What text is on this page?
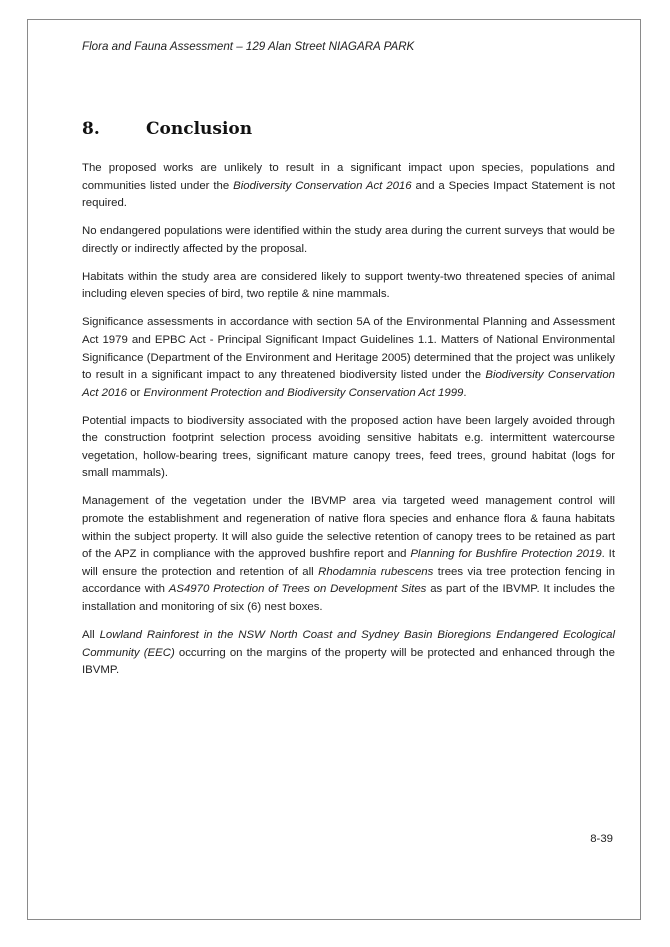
Flora and Fauna Assessment – 129 Alan Street NIAGARA PARK
8.	Conclusion

The proposed works are unlikely to result in a significant impact upon species, populations and communities listed under the Biodiversity Conservation Act 2016 and a Species Impact Statement is not required.

No endangered populations were identified within the study area during the current surveys that would be directly or indirectly affected by the proposal.

Habitats within the study area are considered likely to support twenty-two threatened species of animal including eleven species of bird, two reptile & nine mammals.

Significance assessments in accordance with section 5A of the Environmental Planning and Assessment Act 1979 and EPBC Act - Principal Significant Impact Guidelines 1.1. Matters of National Environmental Significance (Department of the Environment and Heritage 2005) determined that the project was unlikely to result in a significant impact to any threatened biodiversity listed under the Biodiversity Conservation Act 2016 or Environment Protection and Biodiversity Conservation Act 1999.

Potential impacts to biodiversity associated with the proposed action have been largely avoided through the construction footprint selection process avoiding sensitive habitats e.g. intermittent watercourse vegetation, hollow-bearing trees, significant mature canopy trees, feed trees, ground habitat (logs for small mammals).

Management of the vegetation under the IBVMP area via targeted weed management control will promote the establishment and regeneration of native flora species and enhance flora & fauna habitats within the subject property. It will also guide the selective retention of canopy trees to be retained as part of the APZ in compliance with the approved bushfire report and Planning for Bushfire Protection 2019. It will ensure the protection and retention of all Rhodamnia rubescens trees via tree protection fencing in accordance with AS4970 Protection of Trees on Development Sites as part of the IBVMP. It includes the installation and monitoring of six (6) nest boxes.

All Lowland Rainforest in the NSW North Coast and Sydney Basin Bioregions Endangered Ecological Community (EEC) occurring on the margins of the property will be protected and enhanced through the IBVMP.

8-39
